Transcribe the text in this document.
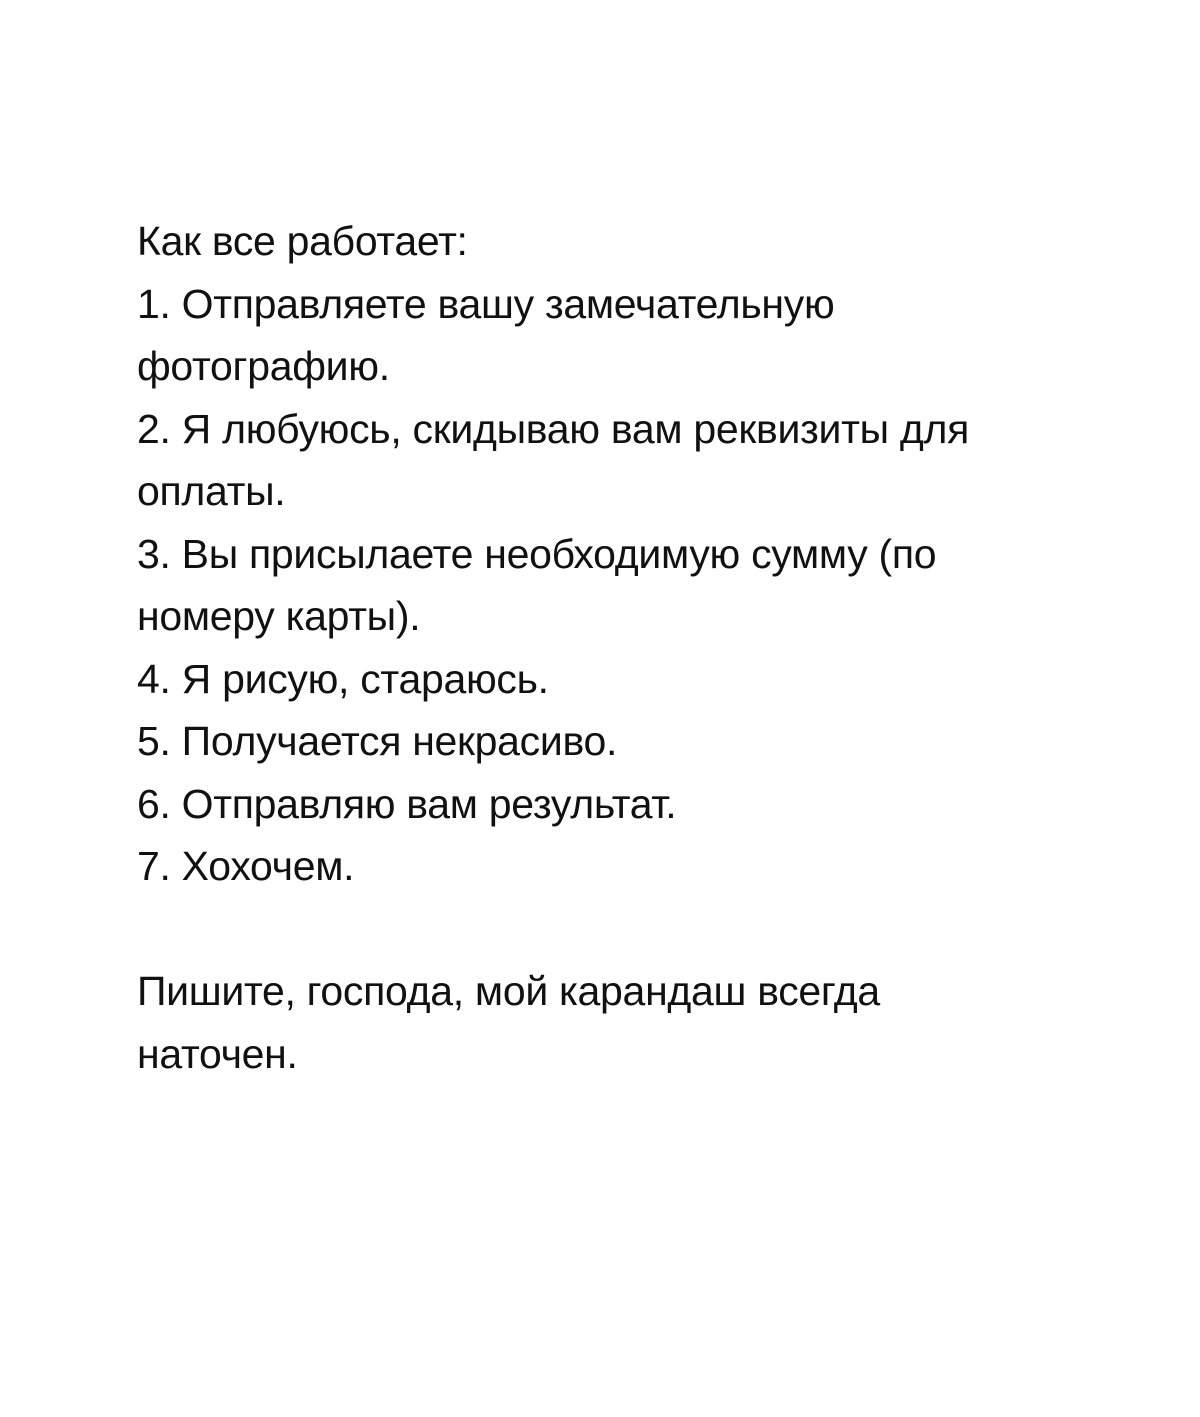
Как все работает:
1. Отправляете вашу замечательную
фотографию.
2. Я любуюсь, скидываю вам реквизиты для
оплаты.
3. Вы присылаете необходимую сумму (по
номеру карты).
4. Я рисую, стараюсь.
5. Получается некрасиво.
6. Отправляю вам результат.
7. Хохочем.
Пишите, господа, мой карандаш всегда
наточен.
